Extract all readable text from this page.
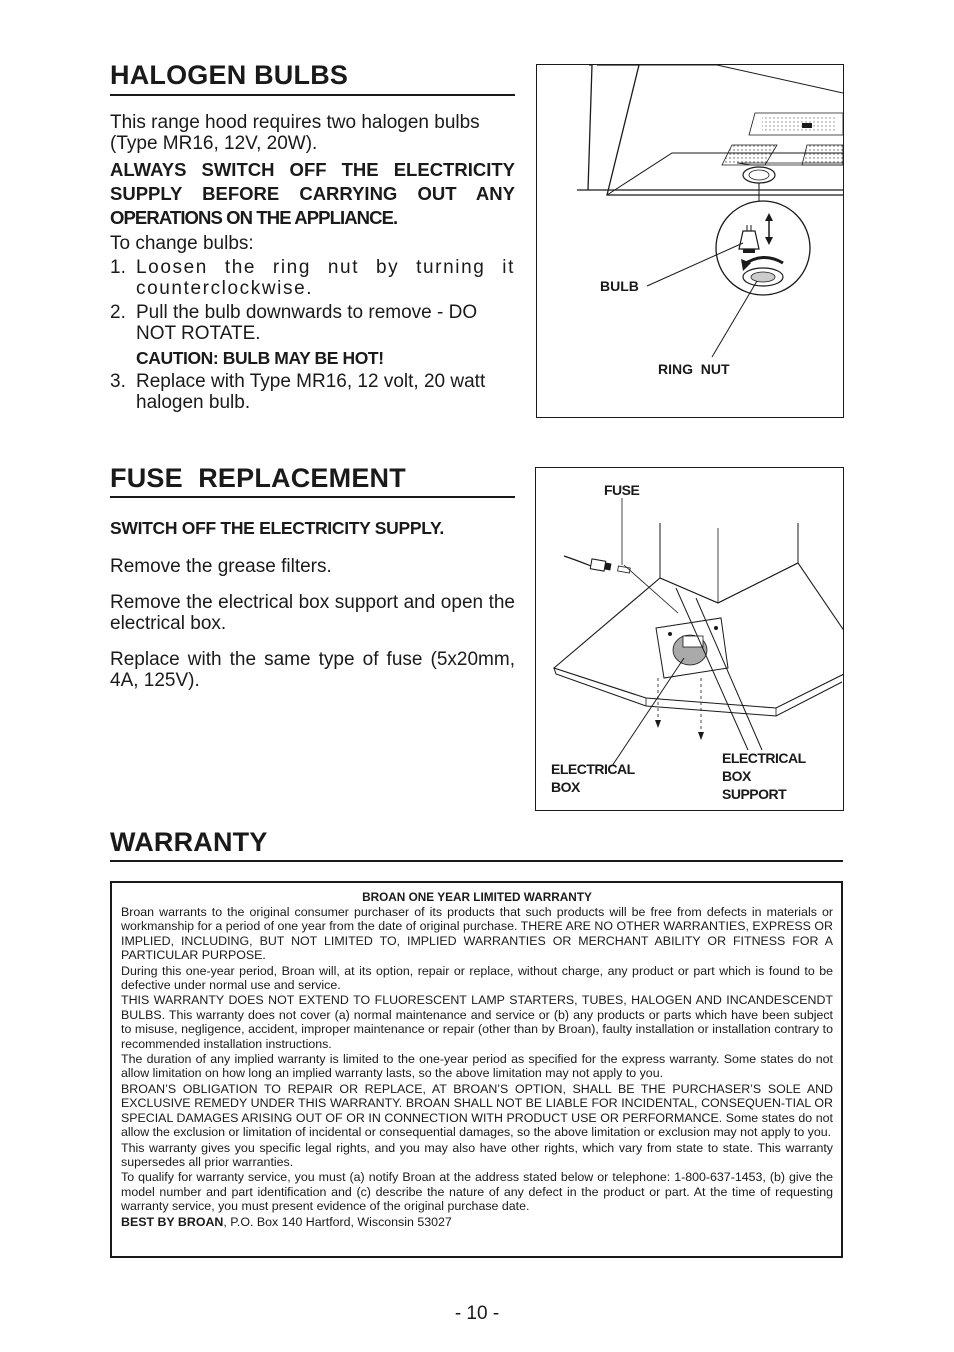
HALOGEN BULBS
This range hood requires two halogen bulbs (Type MR16, 12V, 20W).
ALWAYS SWITCH OFF THE ELECTRICITY
SUPPLY BEFORE CARRYING OUT ANY
OPERATIONS ON THE APPLIANCE.
To change bulbs:
1. Loosen the ring nut by turning it counterclockwise.
2. Pull the bulb downwards to remove - DO NOT ROTATE.
CAUTION: BULB MAY BE HOT!
3. Replace with Type MR16, 12 volt, 20 watt halogen bulb.
BULB
RING  NUT
FUSE  REPLACEMENT
SWITCH OFF THE ELECTRICITY SUPPLY.
Remove the grease filters.
Remove the electrical box support and open the electrical box.
Replace with the same type of fuse (5x20mm, 4A, 125V).
FUSE
ELECTRICAL
BOX
ELECTRICAL
BOX
SUPPORT
WARRANTY
BROAN ONE YEAR LIMITED WARRANTY

Broan warrants to the original consumer purchaser of its products that such products will be free from defects in materials or workmanship for a period of one year from the date of original purchase. THERE ARE NO OTHER WARRANTIES, EXPRESS OR IMPLIED, INCLUDING, BUT NOT LIMITED TO, IMPLIED WARRANTIES OR MERCHANT ABILITY OR FITNESS FOR A PARTICULAR PURPOSE.

During this one-year period, Broan will, at its option, repair or replace, without charge, any product or part which is found to be defective under normal use and service.

THIS WARRANTY DOES NOT EXTEND TO FLUORESCENT LAMP STARTERS, TUBES, HALOGEN AND INCANDESCENDT BULBS. This warranty does not cover (a) normal maintenance and service or (b) any products or parts which have been subject to misuse, negligence, accident, improper maintenance or repair (other than by Broan), faulty installation or installation contrary to recommended installation instructions.

The duration of any implied warranty is limited to the one-year period as specified for the express warranty. Some states do not allow limitation on how long an implied warranty lasts, so the above limitation may not apply to you.

BROAN’S OBLIGATION TO REPAIR OR REPLACE, AT BROAN’S OPTION, SHALL BE THE PURCHASER’S SOLE AND EXCLUSIVE REMEDY UNDER THIS WARRANTY. BROAN SHALL NOT BE LIABLE FOR INCIDENTAL, CONSEQUEN-TIAL OR SPECIAL DAMAGES ARISING OUT OF OR IN CONNECTION WITH PRODUCT USE OR PERFORMANCE. Some states do not allow the exclusion or limitation of incidental or consequential damages, so the above limitation or exclusion may not apply to you.

This warranty gives you specific legal rights, and you may also have other rights, which vary from state to state. This warranty supersedes all prior warranties.

To qualify for warranty service, you must (a) notify Broan at the address stated below or telephone: 1-800-637-1453, (b) give the model number and part identification and (c) describe the nature of any defect in the product or part. At the time of requesting warranty service, you must present evidence of the original purchase date.

BEST BY BROAN, P.O. Box 140 Hartford, Wisconsin 53027

- 10 -
